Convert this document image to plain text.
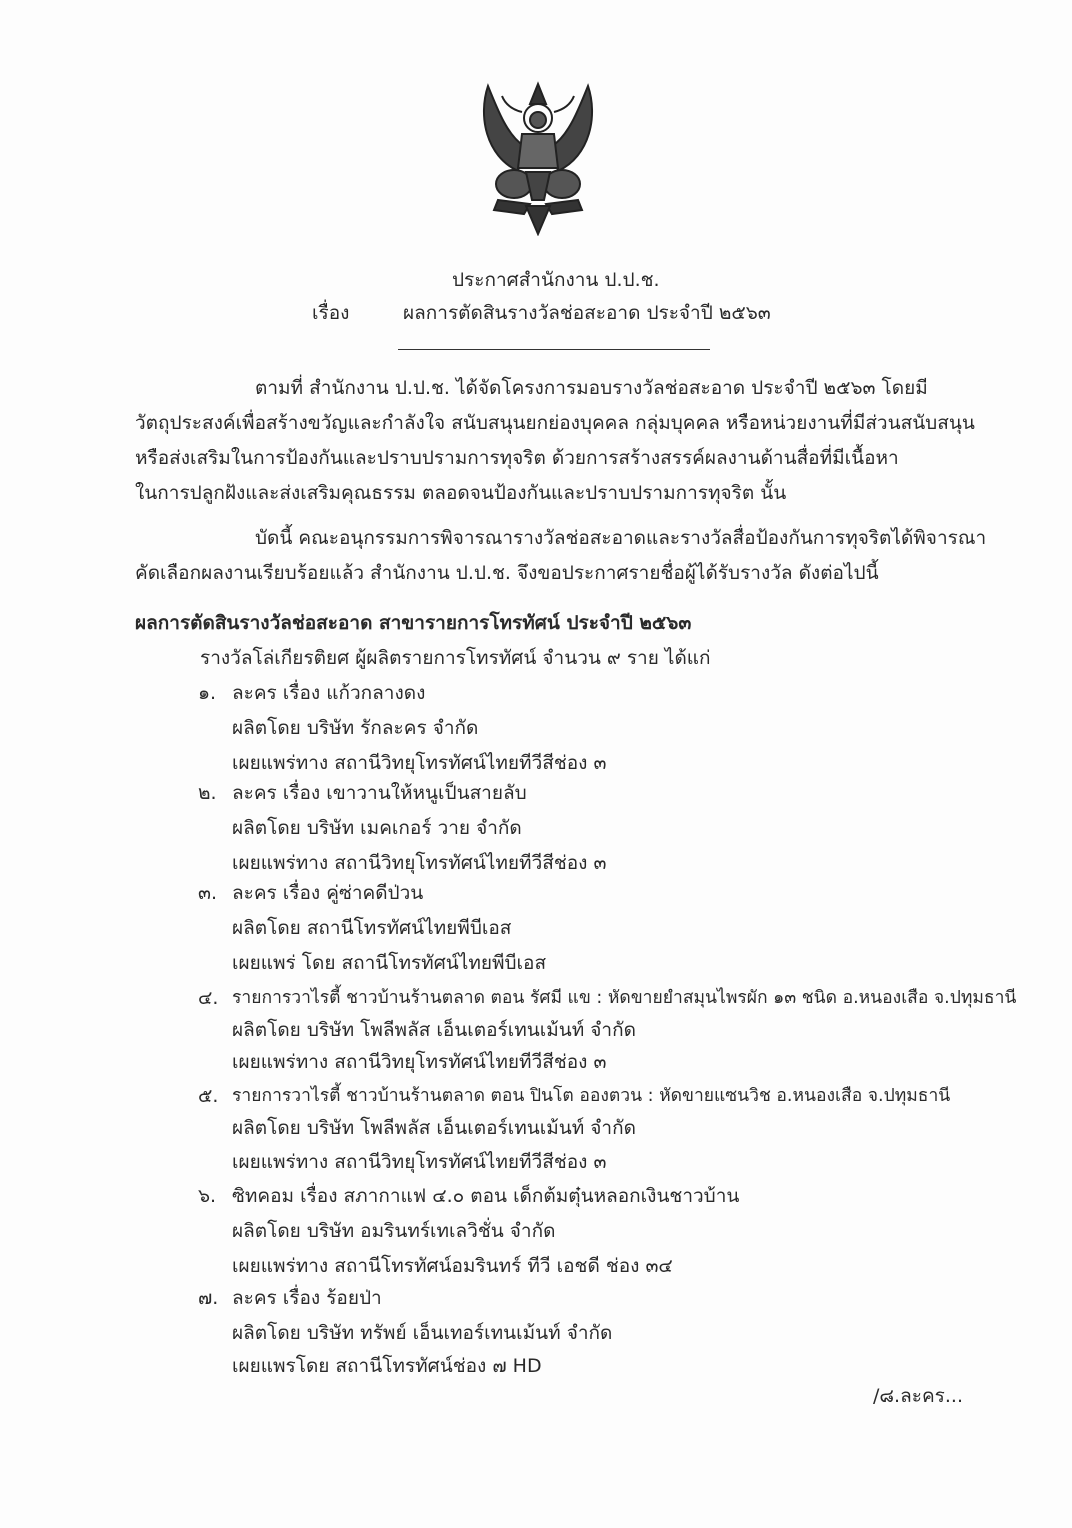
ประกาศสำนักงาน ป.ป.ช.
เรื่อง	ผลการตัดสินรางวัลช่อสะอาด ประจำปี ๒๕๖๓
ตามที่ สำนักงาน ป.ป.ช. ได้จัดโครงการมอบรางวัลช่อสะอาด ประจำปี ๒๕๖๓ โดยมี
วัตถุประสงค์เพื่อสร้างขวัญและกำลังใจ สนับสนุนยกย่องบุคคล กลุ่มบุคคล หรือหน่วยงานที่มีส่วนสนับสนุน
หรือส่งเสริมในการป้องกันและปราบปรามการทุจริต ด้วยการสร้างสรรค์ผลงานด้านสื่อที่มีเนื้อหา
ในการปลูกฝังและส่งเสริมคุณธรรม ตลอดจนป้องกันและปราบปรามการทุจริต นั้น
บัดนี้ คณะอนุกรรมการพิจารณารางวัลช่อสะอาดและรางวัลสื่อป้องกันการทุจริตได้พิจารณา
คัดเลือกผลงานเรียบร้อยแล้ว สำนักงาน ป.ป.ช. จึงขอประกาศรายชื่อผู้ได้รับรางวัล ดังต่อไปนี้
ผลการตัดสินรางวัลช่อสะอาด สาขารายการโทรทัศน์ ประจำปี ๒๕๖๓
รางวัลโล่เกียรติยศ ผู้ผลิตรายการโทรทัศน์ จำนวน ๙ ราย ได้แก่
๑. ละคร เรื่อง แก้วกลางดง
ผลิตโดย บริษัท รักละคร จำกัด
เผยแพร่ทาง สถานีวิทยุโทรทัศน์ไทยทีวีสีช่อง ๓
๒. ละคร เรื่อง เขาวานให้หนูเป็นสายลับ
ผลิตโดย บริษัท เมคเกอร์ วาย จำกัด
เผยแพร่ทาง สถานีวิทยุโทรทัศน์ไทยทีวีสีช่อง ๓
๓. ละคร เรื่อง คู่ซ่าคดีป่วน
ผลิตโดย สถานีโทรทัศน์ไทยพีบีเอส
เผยแพร่ โดย สถานีโทรทัศน์ไทยพีบีเอส
๔. รายการวาไรตี้ ชาวบ้านร้านตลาด ตอน รัศมี แข : หัดขายยำสมุนไพรผัก ๑๓ ชนิด อ.หนองเสือ จ.ปทุมธานี
ผลิตโดย บริษัท โพลีพลัส เอ็นเตอร์เทนเม้นท์ จำกัด
เผยแพร่ทาง สถานีวิทยุโทรทัศน์ไทยทีวีสีช่อง ๓
๕. รายการวาไรตี้ ชาวบ้านร้านตลาด ตอน ปินโต อองตวน : หัดขายแซนวิช อ.หนองเสือ จ.ปทุมธานี
ผลิตโดย บริษัท โพลีพลัส เอ็นเตอร์เทนเม้นท์ จำกัด
เผยแพร่ทาง สถานีวิทยุโทรทัศน์ไทยทีวีสีช่อง ๓
๖. ซิทคอม เรื่อง สภากาแฟ ๔.๐ ตอน เด็กต้มตุ๋นหลอกเงินชาวบ้าน
ผลิตโดย บริษัท อมรินทร์เทเลวิชั่น จำกัด
เผยแพร่ทาง สถานีโทรทัศน์อมรินทร์ ทีวี เอชดี ช่อง ๓๔
๗. ละคร เรื่อง ร้อยป่า
ผลิตโดย บริษัท ทรัพย์ เอ็นเทอร์เทนเม้นท์ จำกัด
เผยแพรโดย สถานีโทรทัศน์ช่อง ๗ HD
/๘.ละคร...
